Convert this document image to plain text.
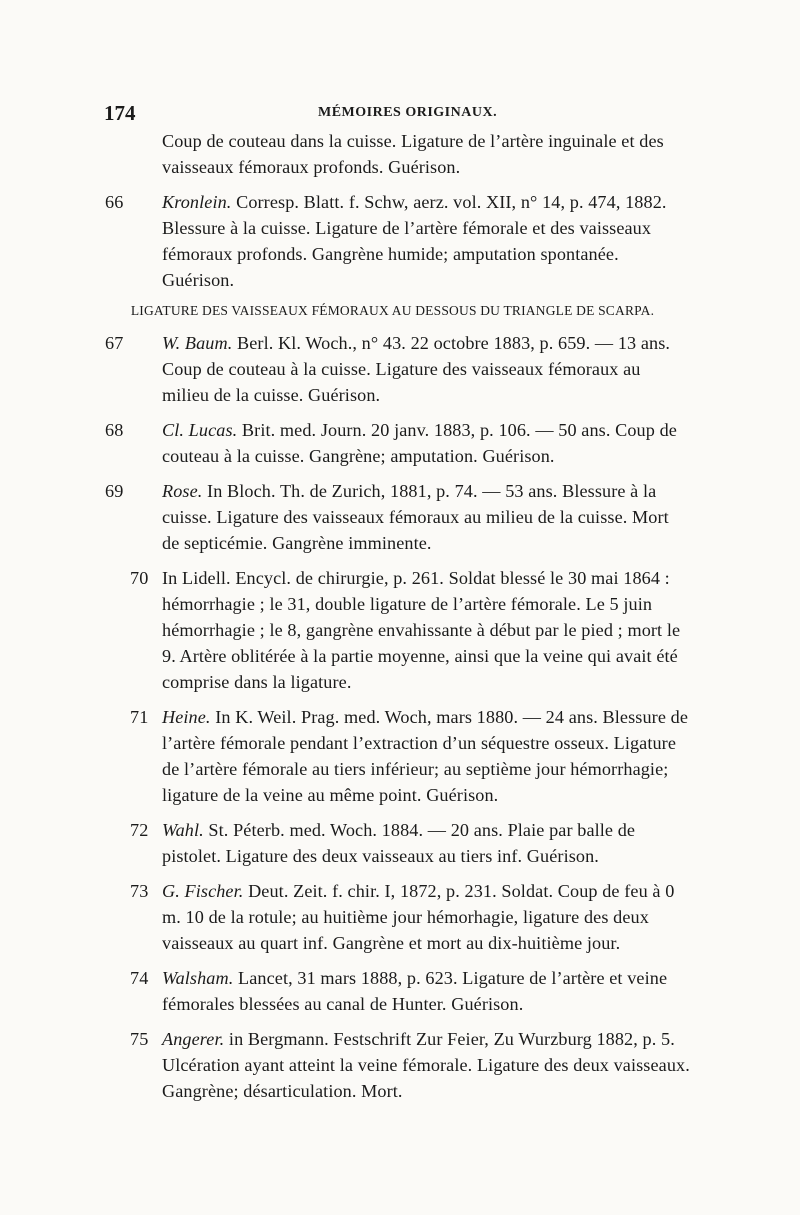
174	MÉMOIRES ORIGINAUX.
Coup de couteau dans la cuisse. Ligature de l’artère inguinale et des vaisseaux fémoraux profonds. Guérison.
66 Kronlein. Corresp. Blatt. f. Schw, aerz. vol. XII, n° 14, p. 474, 1882. Blessure à la cuisse. Ligature de l’artère fémorale et des vaisseaux fémoraux profonds. Gangrène humide; amputation spontanée. Guérison.
LIGATURE DES VAISSEAUX FÉMORAUX AU DESSOUS DU TRIANGLE DE SCARPA.
67 W. Baum. Berl. Kl. Woch., n° 43. 22 octobre 1883, p. 659. — 13 ans. Coup de couteau à la cuisse. Ligature des vaisseaux fémoraux au milieu de la cuisse. Guérison.
68 Cl. Lucas. Brit. med. Journ. 20 janv. 1883, p. 106. — 50 ans. Coup de couteau à la cuisse. Gangrène; amputation. Guérison.
69 Rose. In Bloch. Th. de Zurich, 1881, p. 74. — 53 ans. Blessure à la cuisse. Ligature des vaisseaux fémoraux au milieu de la cuisse. Mort de septicémie. Gangrène imminente.
70 In Lidell. Encycl. de chirurgie, p. 261. Soldat blessé le 30 mai 1864 : hémorrhagie ; le 31, double ligature de l’artère fémorale. Le 5 juin hémorrhagie ; le 8, gangrène envahissante à début par le pied ; mort le 9. Artère oblitérée à la partie moyenne, ainsi que la veine qui avait été comprise dans la ligature.
71 Heine. In K. Weil. Prag. med. Woch, mars 1880. — 24 ans. Blessure de l’artère fémorale pendant l’extraction d’un séquestre osseux. Ligature de l’artère fémorale au tiers inférieur; au septième jour hémorrhagie; ligature de la veine au même point. Guérison.
72 Wahl. St. Péterb. med. Woch. 1884. — 20 ans. Plaie par balle de pistolet. Ligature des deux vaisseaux au tiers inf. Guérison.
73 G. Fischer. Deut. Zeit. f. chir. I, 1872, p. 231. Soldat. Coup de feu à 0 m. 10 de la rotule; au huitième jour hémorhagie, ligature des deux vaisseaux au quart inf. Gangrène et mort au dix-huitième jour.
74 Walsham. Lancet, 31 mars 1888, p. 623. Ligature de l’artère et veine fémorales blessées au canal de Hunter. Guérison.
75 Angerer. in Bergmann. Festschrift Zur Feier, Zu Wurzburg 1882, p. 5. Ulcération ayant atteint la veine fémorale. Ligature des deux vaisseaux. Gangrène; désarticulation. Mort.
